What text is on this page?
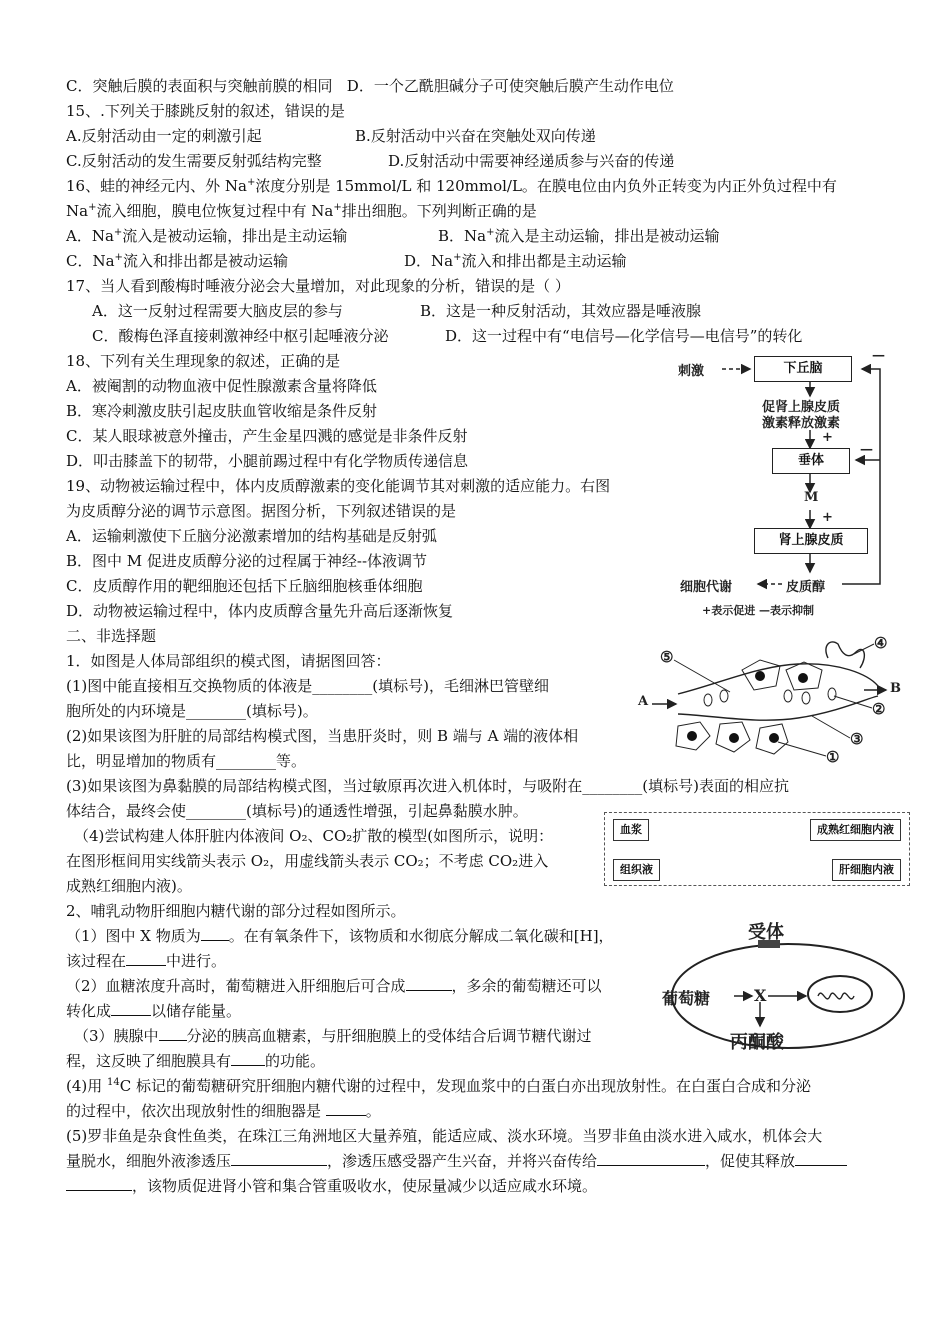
C．突触后膜的表面积与突触前膜的相同 D．一个乙酰胆碱分子可使突触后膜产生动作电位
15、.下列关于膝跳反射的叙述，错误的是
A.反射活动由一定的刺激引起	B.反射活动中兴奋在突触处双向传递
C.反射活动的发生需要反射弧结构完整	D.反射活动中需要神经递质参与兴奋的传递
16、蛙的神经元内、外 Na+浓度分别是 15mmol/L 和 120mmol/L。在膜电位由内负外正转变为内正外负过程中有
Na+流入细胞，膜电位恢复过程中有 Na+排出细胞。下列判断正确的是
A．Na+流入是被动运输，排出是主动运输	B．Na+流入是主动运输，排出是被动运输
C．Na+流入和排出都是被动运输	D．Na+流入和排出都是主动运输
17、当人看到酸梅时唾液分泌会大量增加，对此现象的分析，错误的是（ ）
A．这一反射过程需要大脑皮层的参与	B．这是一种反射活动，其效应器是唾液腺
C．酸梅色泽直接刺激神经中枢引起唾液分泌	D．这一过程中有“电信号—化学信号—电信号”的转化
18、下列有关生理现象的叙述，正确的是
A．被阉割的动物血液中促性腺激素含量将降低
B．寒冷刺激皮肤引起皮肤血管收缩是条件反射
C．某人眼球被意外撞击，产生金星四溅的感觉是非条件反射
D．叩击膝盖下的韧带，小腿前踢过程中有化学物质传递信息
19、动物被运输过程中，体内皮质醇激素的变化能调节其对刺激的适应能力。右图
为皮质醇分泌的调节示意图。据图分析，下列叙述错误的是
A．运输刺激使下丘脑分泌激素增加的结构基础是反射弧
B．图中 M 促进皮质醇分泌的过程属于神经--体液调节
C．皮质醇作用的靶细胞还包括下丘脑细胞核垂体细胞
D．动物被运输过程中，体内皮质醇含量先升高后逐渐恢复
刺激	下丘脑
—
促肾上腺皮质
激素释放激素
+
垂体
—
M
+
肾上腺皮质
细胞代谢	皮质醇
+表示促进 —表示抑制
二、非选择题
1．如图是人体局部组织的模式图，请据图回答：
(1)图中能直接相互交换物质的体液是________(填标号)，毛细淋巴管壁细
胞所处的内环境是________(填标号)。
(2)如果该图为肝脏的局部结构模式图，当患肝炎时，则 B 端与 A 端的液体相
比，明显增加的物质有________等。
(3)如果该图为鼻黏膜的局部结构模式图，当过敏原再次进入机体时，与吸附在________(填标号)表面的相应抗
体结合，最终会使________(填标号)的通透性增强，引起鼻黏膜水肿。
（4)尝试构建人体肝脏内体液间 O₂、CO₂扩散的模型(如图所示，说明：
在图形框间用实线箭头表示 O₂，用虚线箭头表示 CO₂；不考虑 CO₂进入
成熟红细胞内液)。
A
B
⑤
④
②
③
①
血浆	成熟红细胞内液
组织液	肝细胞内液
2、哺乳动物肝细胞内糖代谢的部分过程如图所示。
（1）图中 X 物质为 。在有氧条件下，该物质和水彻底分解成二氧化碳和[H]，
该过程在	中进行。
（2）血糖浓度升高时，葡萄糖进入肝细胞后可合成	，多余的葡萄糖还可以
转化成	以储存能量。
（3）胰腺中 分泌的胰高血糖素，与肝细胞膜上的受体结合后调节糖代谢过
程，这反映了细胞膜具有 的功能。
(4)用 $^{14}$C 标记的葡萄糖研究肝细胞内糖代谢的过程中，发现血浆中的白蛋白亦出现放射性。在白蛋白合成和分泌
的过程中，依次出现放射性的细胞器是	。
(5)罗非鱼是杂食性鱼类，在珠江三角洲地区大量养殖，能适应咸、淡水环境。当罗非鱼由淡水进入咸水，机体会大
量脱水，细胞外液渗透压	，渗透压感受器产生兴奋，并将兴奋传给	，促使其释放
，该物质促进肾小管和集合管重吸收水，使尿量减少以适应咸水环境。
受体
葡萄糖	X
丙酮酸
